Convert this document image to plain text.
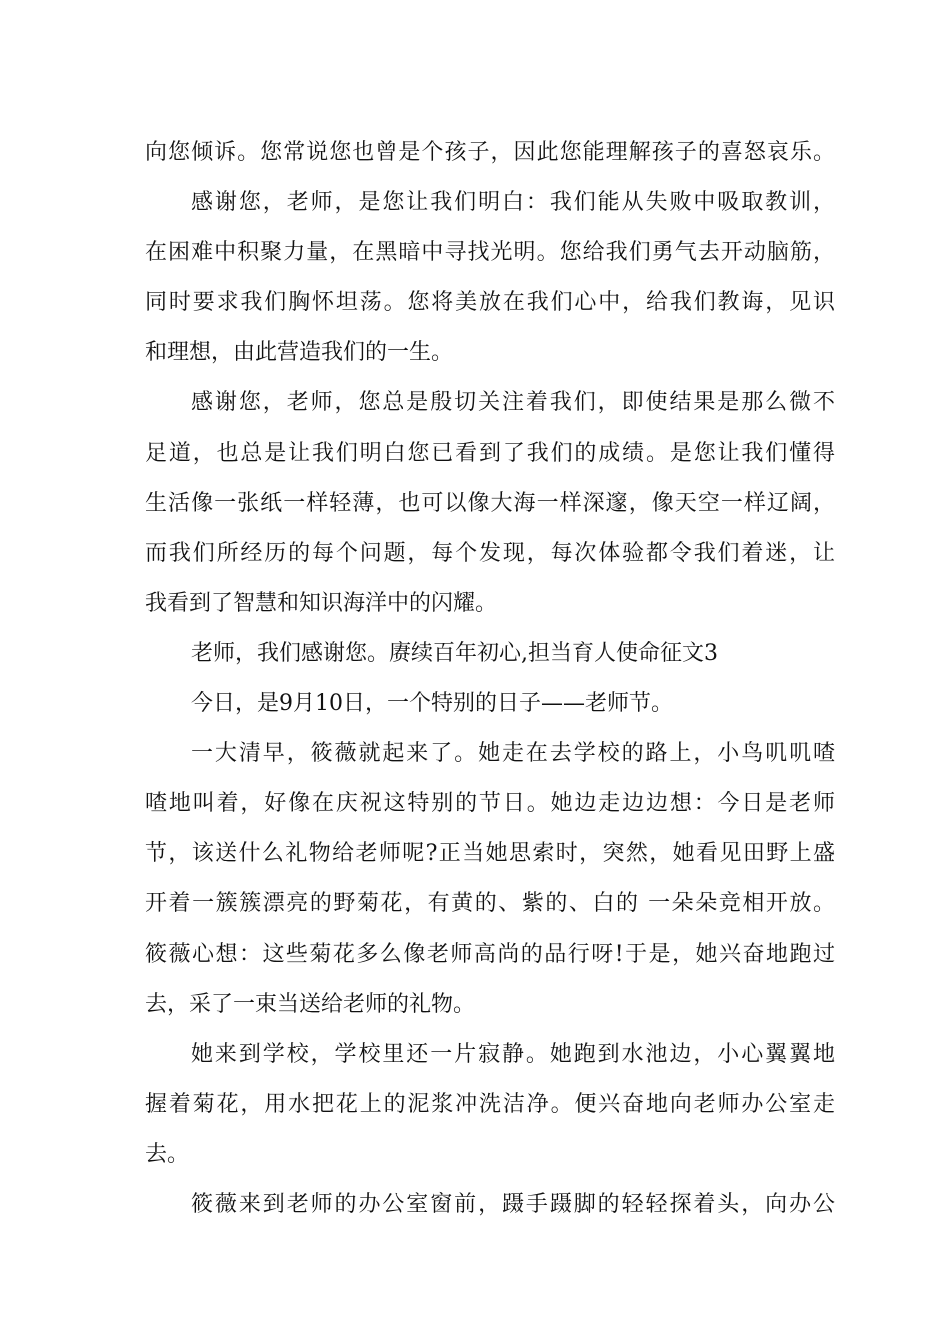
向您倾诉。您常说您也曾是个孩子，因此您能理解孩子的喜怒哀乐。
感谢您，老师，是您让我们明白：我们能从失败中吸取教训，
在困难中积聚力量，在黑暗中寻找光明。您给我们勇气去开动脑筋，
同时要求我们胸怀坦荡。您将美放在我们心中，给我们教诲，见识
和理想，由此营造我们的一生。
感谢您，老师，您总是殷切关注着我们，即使结果是那么微不
足道，也总是让我们明白您已看到了我们的成绩。是您让我们懂得
生活像一张纸一样轻薄，也可以像大海一样深邃，像天空一样辽阔，
而我们所经历的每个问题，每个发现，每次体验都令我们着迷，让
我看到了智慧和知识海洋中的闪耀。
老师，我们感谢您。赓续百年初心,担当育人使命征文3
今日，是9月10日，一个特别的日子——老师节。
一大清早，筱薇就起来了。她走在去学校的路上，小鸟叽叽喳
喳地叫着，好像在庆祝这特别的节日。她边走边边想：今日是老师
节，该送什么礼物给老师呢?正当她思索时，突然，她看见田野上盛
开着一簇簇漂亮的野菊花，有黄的、紫的、白的 一朵朵竞相开放。
筱薇心想：这些菊花多么像老师高尚的品行呀!于是，她兴奋地跑过
去，采了一束当送给老师的礼物。
她来到学校，学校里还一片寂静。她跑到水池边，小心翼翼地
握着菊花，用水把花上的泥浆冲洗洁净。便兴奋地向老师办公室走
去。
筱薇来到老师的办公室窗前，蹑手蹑脚的轻轻探着头，向办公
